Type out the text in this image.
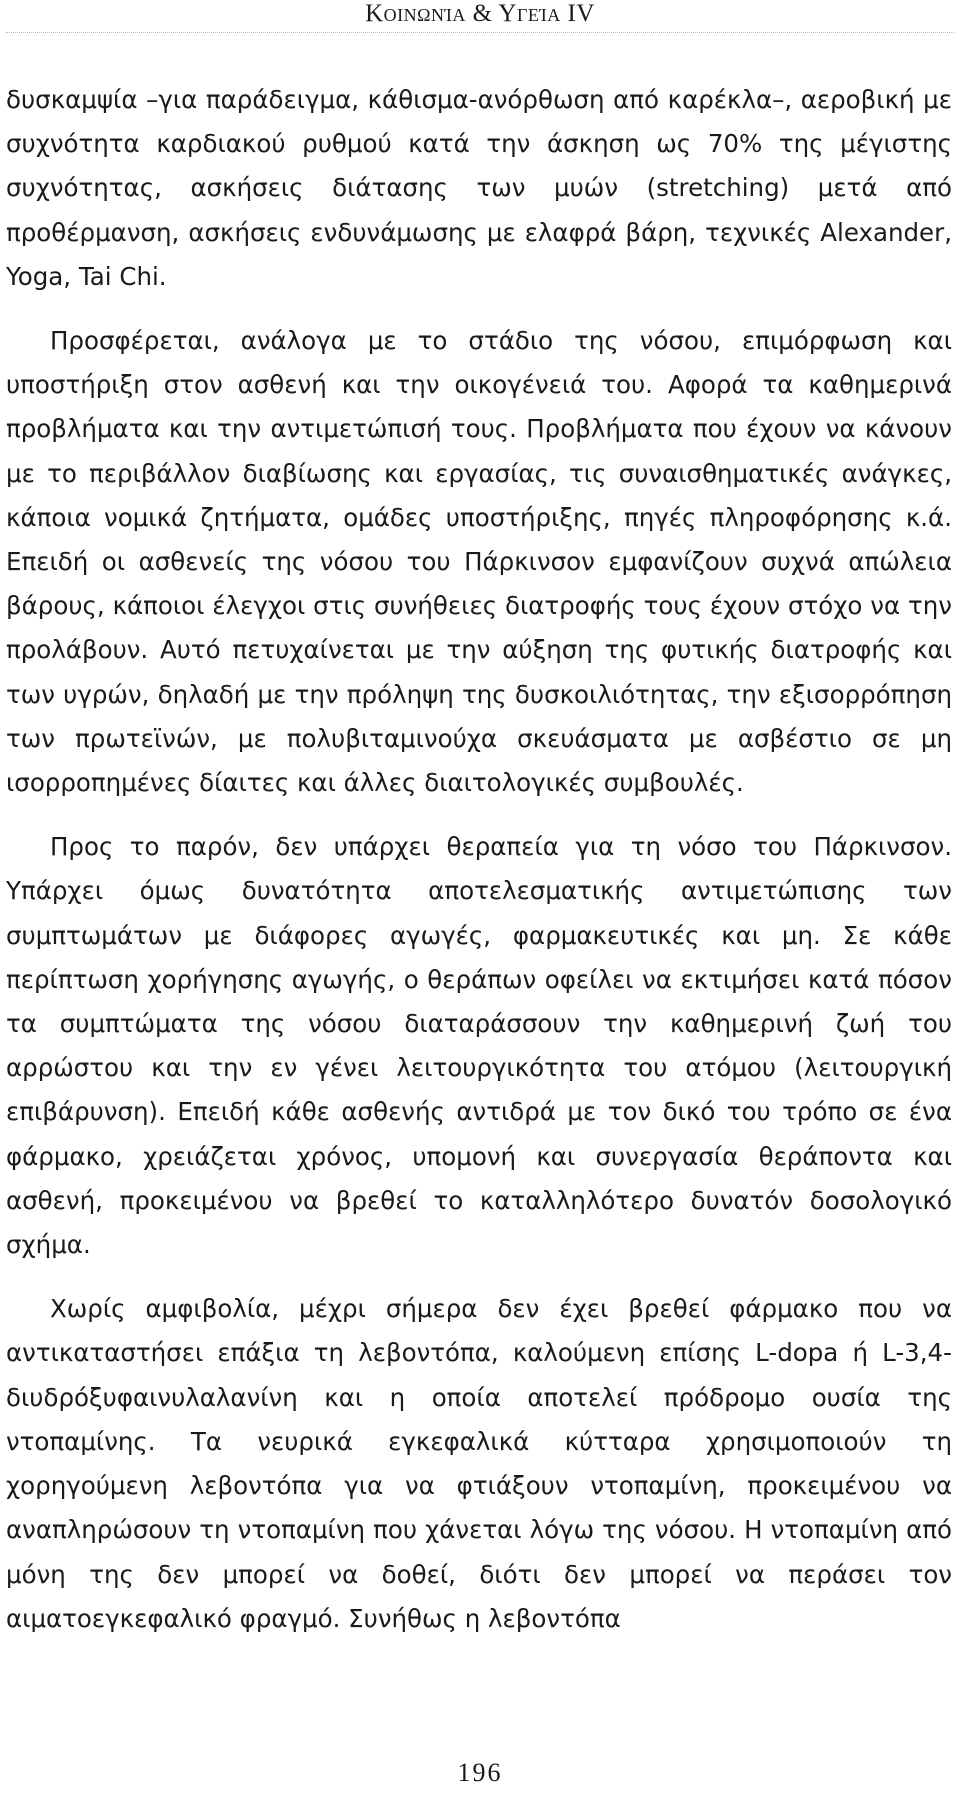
Κοινωνία & Υγεία IV

δυσκαμψία –για παράδειγμα, κάθισμα-ανόρθωση από καρέκλα–, αεροβική με συχνότητα καρδιακού ρυθμού κατά την άσκηση ως 70% της μέγιστης συχνότητας, ασκήσεις διάτασης των μυών (stretching) μετά από προθέρμανση, ασκήσεις ενδυνάμωσης με ελαφρά βάρη, τεχνικές Alexander, Yoga, Tai Chi.

Προσφέρεται, ανάλογα με το στάδιο της νόσου, επιμόρφωση και υποστήριξη στον ασθενή και την οικογένειά του. Αφορά τα καθημερινά προβλήματα και την αντιμετώπισή τους. Προβλήματα που έχουν να κάνουν με το περιβάλλον διαβίωσης και εργασίας, τις συναισθηματικές ανάγκες, κάποια νομικά ζητήματα, ομάδες υποστήριξης, πηγές πληροφόρησης κ.ά. Επειδή οι ασθενείς της νόσου του Πάρκινσον εμφανίζουν συχνά απώλεια βάρους, κάποιοι έλεγχοι στις συνήθειες διατροφής τους έχουν στόχο να την προλάβουν. Αυτό πετυχαίνεται με την αύξηση της φυτικής διατροφής και των υγρών, δηλαδή με την πρόληψη της δυσκοιλιότητας, την εξισορρόπηση των πρωτεϊνών, με πολυβιταμινούχα σκευάσματα με ασβέστιο σε μη ισορροπημένες δίαιτες και άλλες διαιτολογικές συμβουλές.

Προς το παρόν, δεν υπάρχει θεραπεία για τη νόσο του Πάρκινσον. Υπάρχει όμως δυνατότητα αποτελεσματικής αντιμετώπισης των συμπτωμάτων με διάφορες αγωγές, φαρμακευτικές και μη. Σε κάθε περίπτωση χορήγησης αγωγής, ο θεράπων οφείλει να εκτιμήσει κατά πόσον τα συμπτώματα της νόσου διαταράσσουν την καθημερινή ζωή του αρρώστου και την εν γένει λειτουργικότητα του ατόμου (λειτουργική επιβάρυνση). Επειδή κάθε ασθενής αντιδρά με τον δικό του τρόπο σε ένα φάρμακο, χρειάζεται χρόνος, υπομονή και συνεργασία θεράποντα και ασθενή, προκειμένου να βρεθεί το καταλληλότερο δυνατόν δοσολογικό σχήμα.

Χωρίς αμφιβολία, μέχρι σήμερα δεν έχει βρεθεί φάρμακο που να αντικαταστήσει επάξια τη λεβοντόπα, καλούμενη επίσης L-dopa ή L-3,4-διυδρόξυφαινυλαλανίνη και η οποία αποτελεί πρόδρομο ουσία της ντοπαμίνης. Τα νευρικά εγκεφαλικά κύτταρα χρησιμοποιούν τη χορηγούμενη λεβοντόπα για να φτιάξουν ντοπαμίνη, προκειμένου να αναπληρώσουν τη ντοπαμίνη που χάνεται λόγω της νόσου. Η ντοπαμίνη από μόνη της δεν μπορεί να δοθεί, διότι δεν μπορεί να περάσει τον αιματοεγκεφαλικό φραγμό. Συνήθως η λεβοντόπα

196
